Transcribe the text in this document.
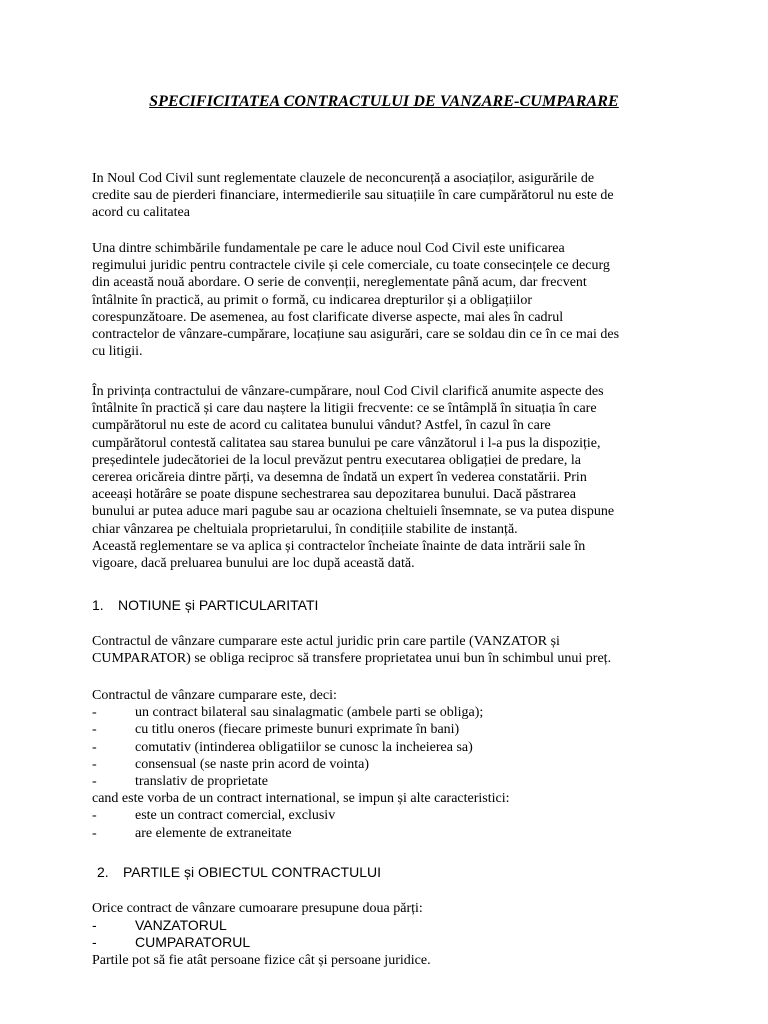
SPECIFICITATEA CONTRACTULUI DE VANZARE-CUMPARARE
In Noul Cod Civil sunt reglementate clauzele de neconcurență a asociaților, asigurările de
credite sau de pierderi financiare, intermedierile sau situațiile în care cumpărătorul nu este de
acord cu calitatea
Una dintre schimbările fundamentale pe care le aduce noul Cod Civil este unificarea
regimului juridic pentru contractele civile și cele comerciale, cu toate consecințele ce decurg
din această nouă abordare. O serie de convenții, nereglementate până acum, dar frecvent
întâlnite în practică, au primit o formă, cu indicarea drepturilor și a obligațiilor
corespunzătoare. De asemenea, au fost clarificate diverse aspecte, mai ales în cadrul
contractelor de vânzare-cumpărare, locațiune sau asigurări, care se soldau din ce în ce mai des
cu litigii.
În privința contractului de vânzare-cumpărare, noul Cod Civil clarifică anumite aspecte des
întâlnite în practică și care dau naștere la litigii frecvente: ce se întâmplă în situația în care
cumpărătorul nu este de acord cu calitatea bunului vândut? Astfel, în cazul în care
cumpărătorul contestă calitatea sau starea bunului pe care vânzătorul i l-a pus la dispoziție,
președintele judecătoriei de la locul prevăzut pentru executarea obligației de predare, la
cererea oricăreia dintre părți, va desemna de îndată un expert în vederea constatării. Prin
aceeași hotărâre se poate dispune sechestrarea sau depozitarea bunului. Dacă păstrarea
bunului ar putea aduce mari pagube sau ar ocaziona cheltuieli însemnate, se va putea dispune
chiar vânzarea pe cheltuiala proprietarului, în condițiile stabilite de instanță.
Această reglementare se va aplica și contractelor încheiate înainte de data intrării sale în
vigoare, dacă preluarea bunului are loc după această dată.
1. NOTIUNE și PARTICULARITATI
Contractul de vânzare cumparare este actul juridic prin care partile (VANZATOR și
CUMPARATOR) se obliga reciproc să transfere proprietatea unui bun în schimbul unui preț.
Contractul de vânzare cumparare este, deci:
-	un contract bilateral sau sinalagmatic (ambele parti se obliga);
-	cu titlu oneros (fiecare primeste bunuri exprimate în bani)
-	comutativ (intinderea obligatiilor se cunosc la incheierea sa)
-	consensual (se naste prin acord de vointa)
-	translativ de proprietate
cand este vorba de un contract international, se impun și alte caracteristici:
-	este un contract comercial, exclusiv
-	are elemente de extraneitate
2. PARTILE și OBIECTUL CONTRACTULUI
Orice contract de vânzare cumoarare presupune doua părți:
-	VANZATORUL
-	CUMPARATORUL
Partile pot să fie atât persoane fizice cât și persoane juridice.
